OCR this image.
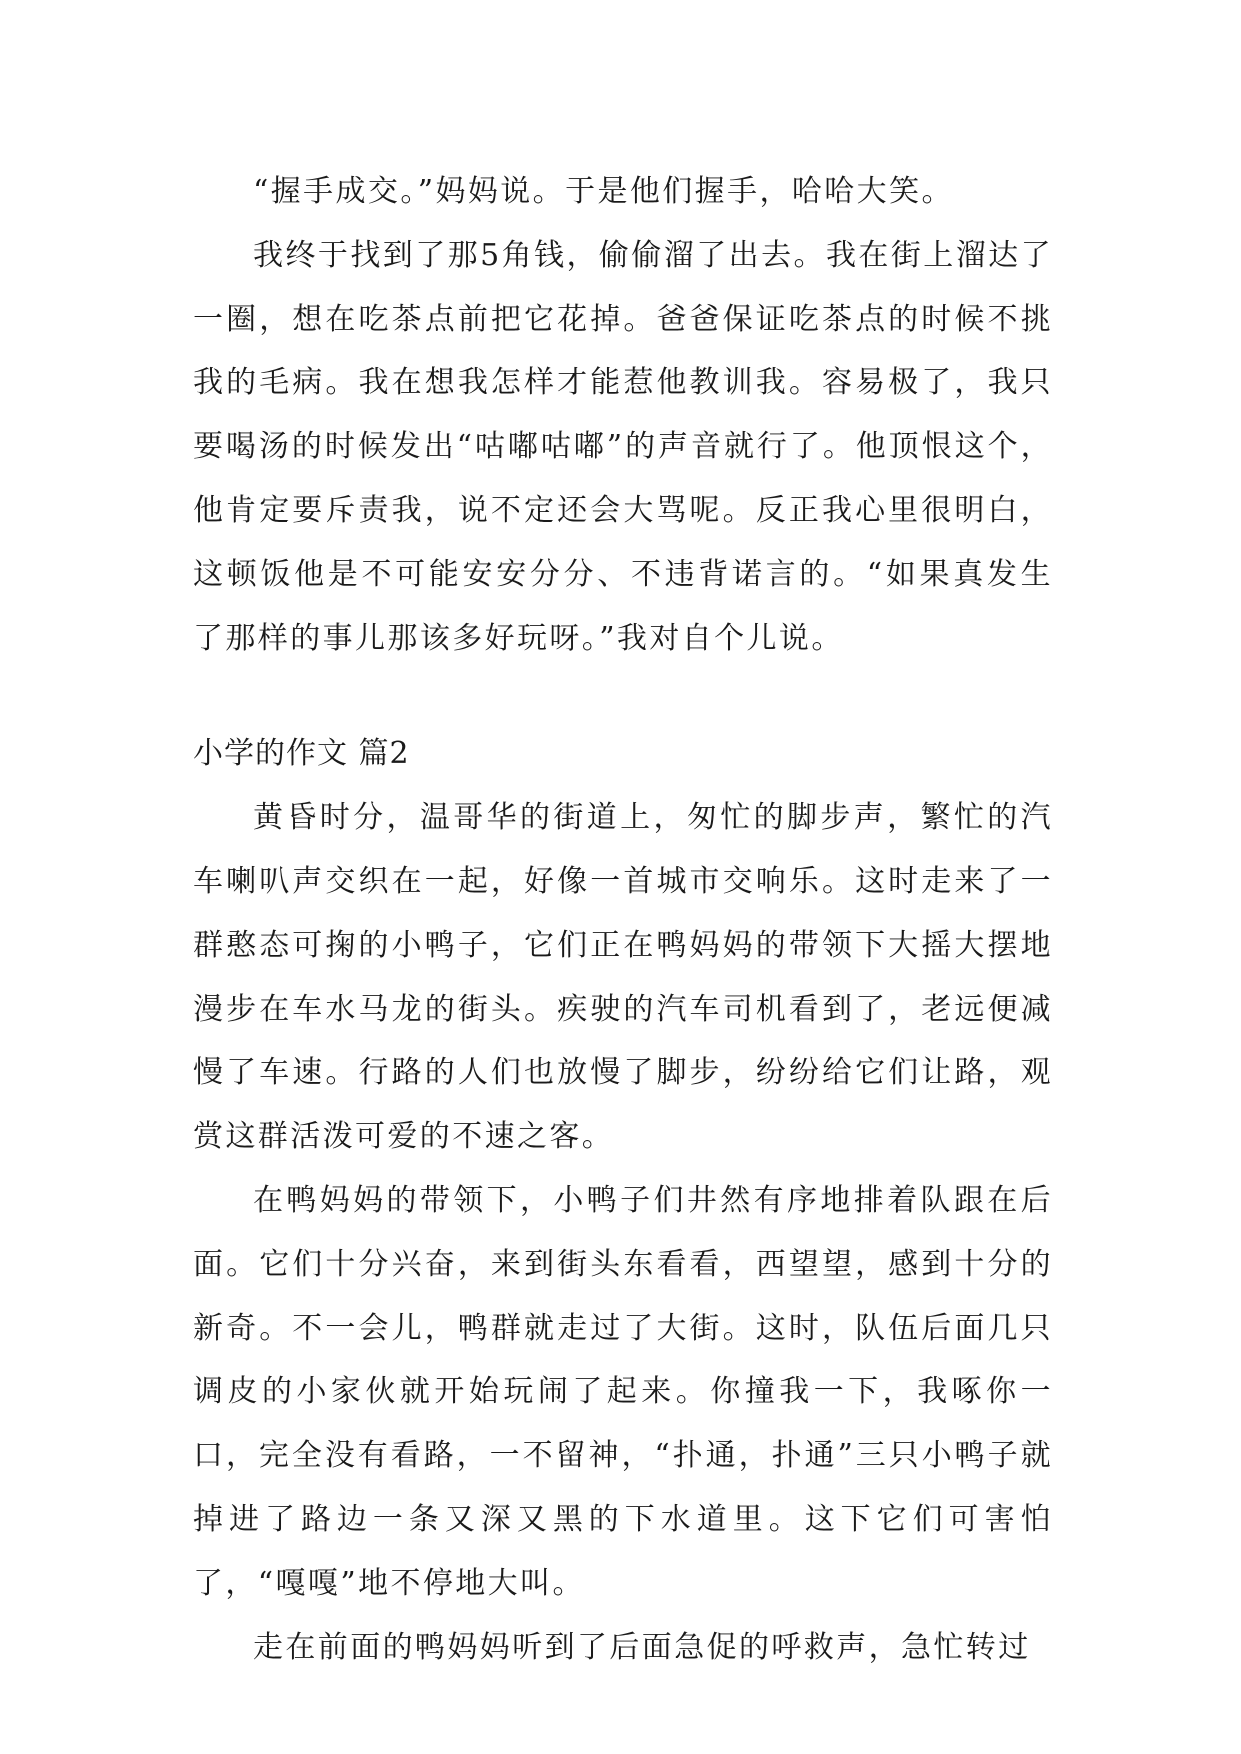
“握手成交。”妈妈说。于是他们握手，哈哈大笑。

我终于找到了那5角钱，偷偷溜了出去。我在街上溜达了一圈，想在吃茶点前把它花掉。爸爸保证吃茶点的时候不挑我的毛病。我在想我怎样才能惹他教训我。容易极了，我只要喝汤的时候发出“咕嘟咕嘟”的声音就行了。他顶恨这个，他肯定要斥责我，说不定还会大骂呢。反正我心里很明白，这顿饭他是不可能安安分分、不违背诺言的。“如果真发生了那样的事儿那该多好玩呀。”我对自个儿说。

小学的作文 篇2

黄昏时分，温哥华的街道上，匆忙的脚步声，繁忙的汽车喇叭声交织在一起，好像一首城市交响乐。这时走来了一群憨态可掬的小鸭子，它们正在鸭妈妈的带领下大摇大摆地漫步在车水马龙的街头。疾驶的汽车司机看到了，老远便减慢了车速。行路的人们也放慢了脚步，纷纷给它们让路，观赏这群活泼可爱的不速之客。

在鸭妈妈的带领下，小鸭子们井然有序地排着队跟在后面。它们十分兴奋，来到街头东看看，西望望，感到十分的新奇。不一会儿，鸭群就走过了大街。这时，队伍后面几只调皮的小家伙就开始玩闹了起来。你撞我一下，我啄你一口，完全没有看路，一不留神，“扑通，扑通”三只小鸭子就掉进了路边一条又深又黑的下水道里。这下它们可害怕了，“嘎嘎”地不停地大叫。

走在前面的鸭妈妈听到了后面急促的呼救声，急忙转过
